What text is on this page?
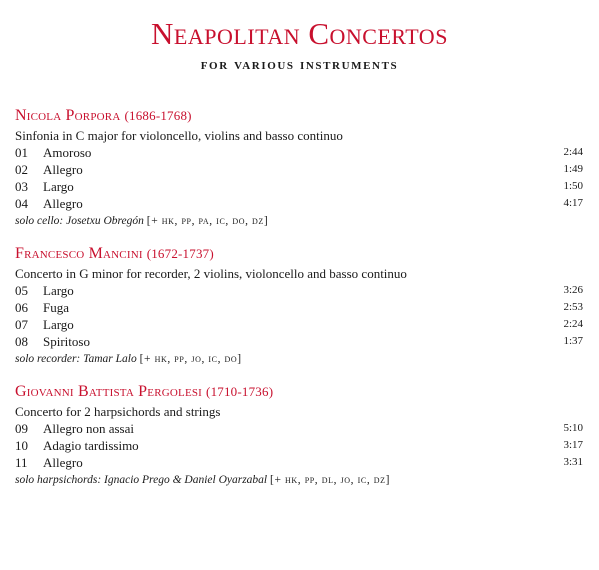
Neapolitan Concertos
for various instruments
Nicola Porpora (1686-1768)
Sinfonia in C major for violoncello, violins and basso continuo
01 Amoroso	2:44
02 Allegro	1:49
03 Largo	1:50
04 Allegro	4:17
solo cello: Josetxu Obregón [+ hk, pp, pa, ic, do, dz]
Francesco Mancini (1672-1737)
Concerto in G minor for recorder, 2 violins, violoncello and basso continuo
05 Largo	3:26
06 Fuga	2:53
07 Largo	2:24
08 Spiritoso	1:37
solo recorder: Tamar Lalo [+ hk, pp, jo, ic, do]
Giovanni Battista Pergolesi (1710-1736)
Concerto for 2 harpsichords and strings
09 Allegro non assai	5:10
10 Adagio tardissimo	3:17
11 Allegro	3:31
solo harpsichords: Ignacio Prego & Daniel Oyarzabal [+ hk, pp, dl, jo, ic, dz]
